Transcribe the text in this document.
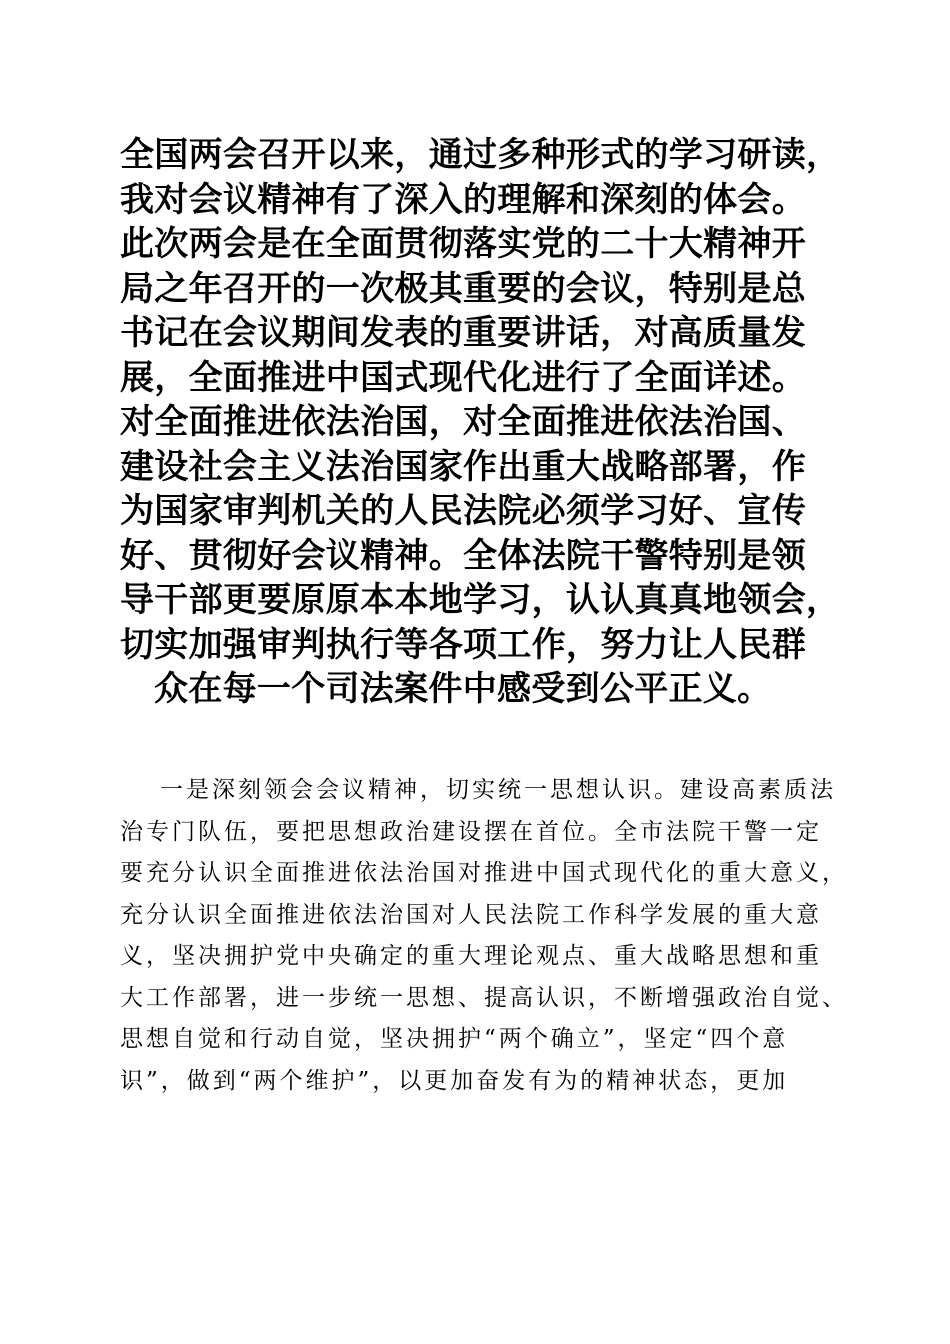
全国两会召开以来，通过多种形式的学习研读，
我对会议精神有了深入的理解和深刻的体会。
此次两会是在全面贯彻落实党的二十大精神开
局之年召开的一次极其重要的会议，特别是总
书记在会议期间发表的重要讲话，对高质量发
展，全面推进中国式现代化进行了全面详述。
对全面推进依法治国，对全面推进依法治国、
建设社会主义法治国家作出重大战略部署，作
为国家审判机关的人民法院必须学习好、宣传
好、贯彻好会议精神。全体法院干警特别是领
导干部更要原原本本地学习，认认真真地领会，
切实加强审判执行等各项工作，努力让人民群
众在每一个司法案件中感受到公平正义。
一是深刻领会会议精神，切实统一思想认识。建设高素质法
治专门队伍，要把思想政治建设摆在首位。全市法院干警一定
要充分认识全面推进依法治国对推进中国式现代化的重大意义，
充分认识全面推进依法治国对人民法院工作科学发展的重大意
义，坚决拥护党中央确定的重大理论观点、重大战略思想和重
大工作部署，进一步统一思想、提高认识，不断增强政治自觉、
思想自觉和行动自觉，坚决拥护“两个确立”，坚定“四个意
识”，做到“两个维护”，以更加奋发有为的精神状态，更加
